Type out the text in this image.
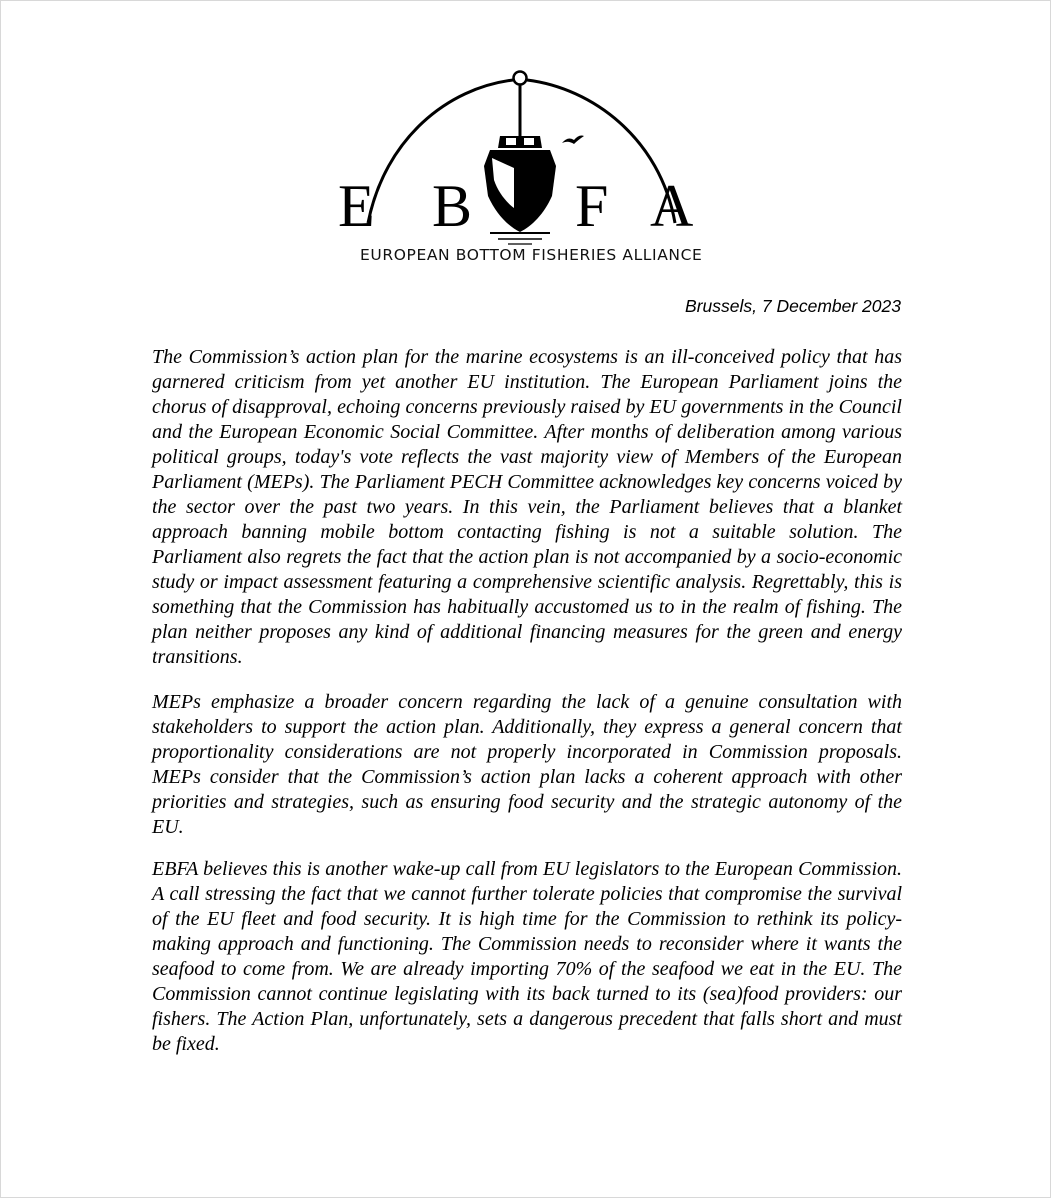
E B F A
EUROPEAN BOTTOM FISHERIES ALLIANCE
Brussels, 7 December 2023

The Commission’s action plan for the marine ecosystems is an ill-conceived policy that has garnered criticism from yet another EU institution. The European Parliament joins the chorus of disapproval, echoing concerns previously raised by EU governments in the Council and the European Economic Social Committee. After months of deliberation among various political groups, today's vote reflects the vast majority view of Members of the European Parliament (MEPs). The Parliament PECH Committee acknowledges key concerns voiced by the sector over the past two years. In this vein, the Parliament believes that a blanket approach banning mobile bottom contacting fishing is not a suitable solution. The Parliament also regrets the fact that the action plan is not accompanied by a socio-economic study or impact assessment featuring a comprehensive scientific analysis. Regrettably, this is something that the Commission has habitually accustomed us to in the realm of fishing. The plan neither proposes any kind of additional financing measures for the green and energy transitions.

MEPs emphasize a broader concern regarding the lack of a genuine consultation with stakeholders to support the action plan. Additionally, they express a general concern that proportionality considerations are not properly incorporated in Commission proposals. MEPs consider that the Commission’s action plan lacks a coherent approach with other priorities and strategies, such as ensuring food security and the strategic autonomy of the EU.

EBFA believes this is another wake-up call from EU legislators to the European Commission. A call stressing the fact that we cannot further tolerate policies that compromise the survival of the EU fleet and food security. It is high time for the Commission to rethink its policy-making approach and functioning. The Commission needs to reconsider where it wants the seafood to come from. We are already importing 70% of the seafood we eat in the EU. The Commission cannot continue legislating with its back turned to its (sea)food providers: our fishers. The Action Plan, unfortunately, sets a dangerous precedent that falls short and must be fixed.
